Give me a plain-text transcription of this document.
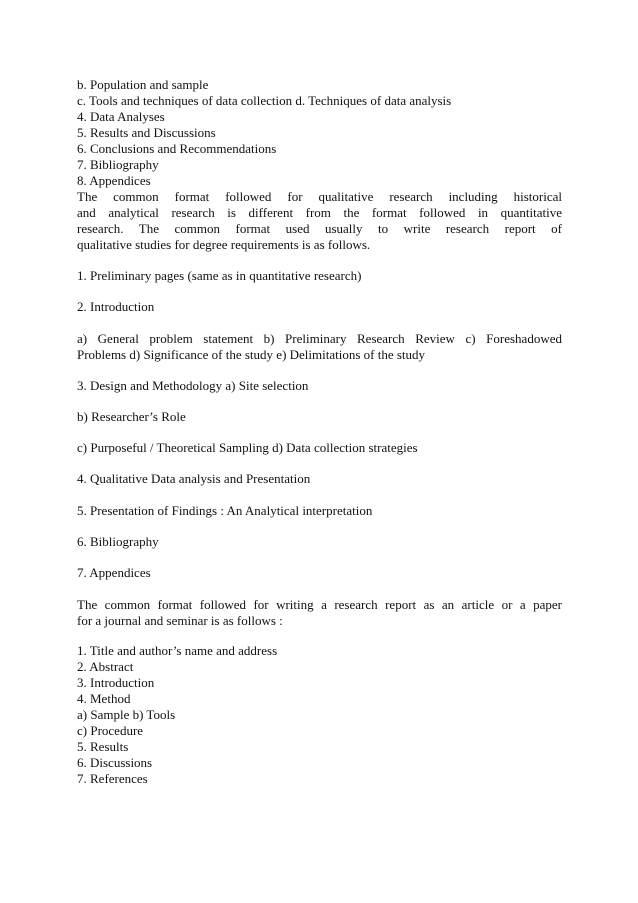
b. Population and sample
c. Tools and techniques of data collection d. Techniques of data analysis
4. Data Analyses
5. Results and Discussions
6. Conclusions and Recommendations
7. Bibliography
8. Appendices
The common format followed for qualitative research including historical
and analytical research is different from the format followed in quantitative
research. The common format used usually to write research report of
qualitative studies for degree requirements is as follows.
1. Preliminary pages (same as in quantitative research)
2. Introduction
a) General problem statement b) Preliminary Research Review c) Foreshadowed
Problems d) Significance of the study e) Delimitations of the study
3. Design and Methodology a) Site selection
b) Researcher’s Role
c) Purposeful / Theoretical Sampling d) Data collection strategies
4. Qualitative Data analysis and Presentation
5. Presentation of Findings : An Analytical interpretation
6. Bibliography
7. Appendices
The common format followed for writing a research report as an article or a paper
for a journal and seminar is as follows :
1. Title and author’s name and address
2. Abstract
3. Introduction
4. Method
a) Sample b) Tools
c) Procedure
5. Results
6. Discussions
7. References
